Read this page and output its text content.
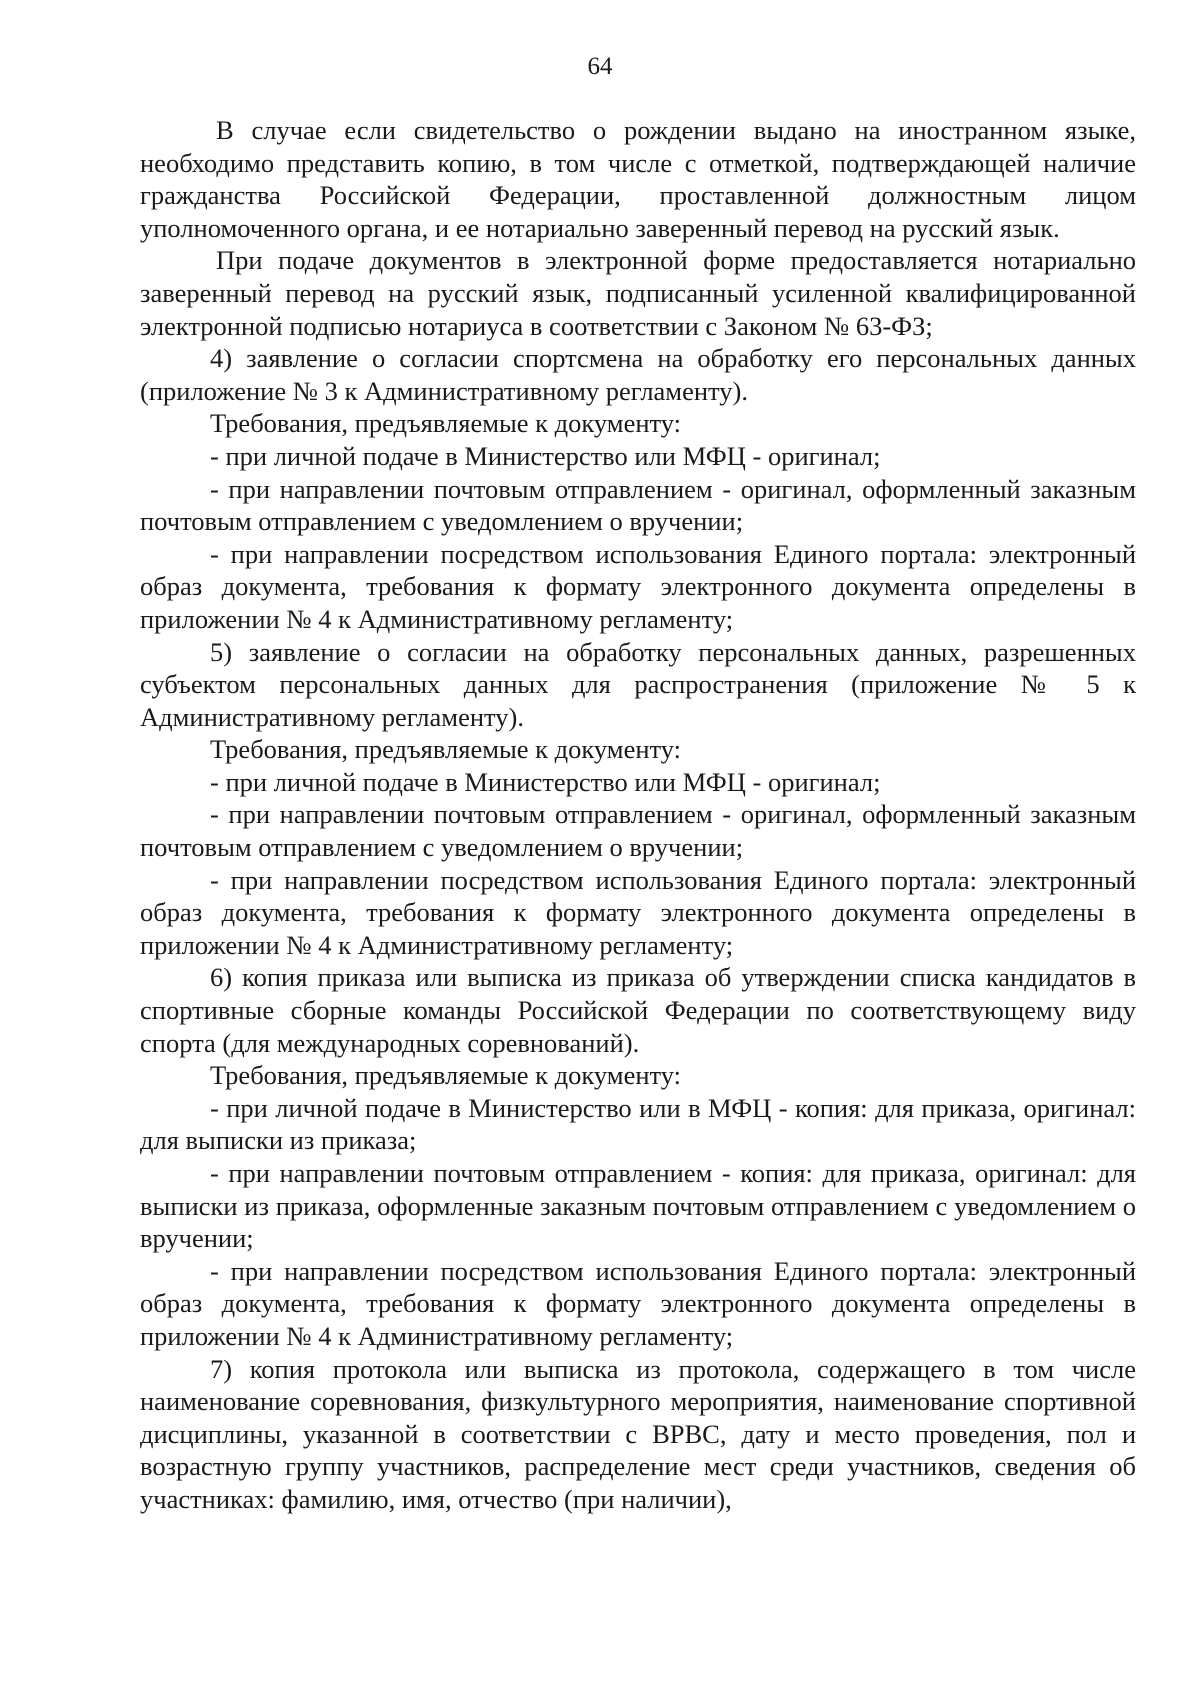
64

В случае если свидетельство о рождении выдано на иностранном языке, необходимо представить копию, в том числе с отметкой, подтверждающей наличие гражданства Российской Федерации, проставленной должностным лицом уполномоченного органа, и ее нотариально заверенный перевод на русский язык.

При подаче документов в электронной форме предоставляется нотариально заверенный перевод на русский язык, подписанный усиленной квалифицированной электронной подписью нотариуса в соответствии с Законом № 63-ФЗ;

4) заявление о согласии спортсмена на обработку его персональных данных (приложение № 3 к Административному регламенту).

Требования, предъявляемые к документу:

- при личной подаче в Министерство или МФЦ - оригинал;

- при направлении почтовым отправлением - оригинал, оформленный заказным почтовым отправлением с уведомлением о вручении;

- при направлении посредством использования Единого портала: электронный образ документа, требования к формату электронного документа определены в приложении № 4 к Административному регламенту;

5) заявление о согласии на обработку персональных данных, разрешенных субъектом персональных данных для распространения (приложение № 5 к Административному регламенту).

Требования, предъявляемые к документу:

- при личной подаче в Министерство или МФЦ - оригинал;

- при направлении почтовым отправлением - оригинал, оформленный заказным почтовым отправлением с уведомлением о вручении;

- при направлении посредством использования Единого портала: электронный образ документа, требования к формату электронного документа определены в приложении № 4 к Административному регламенту;

6) копия приказа или выписка из приказа об утверждении списка кандидатов в спортивные сборные команды Российской Федерации по соответствующему виду спорта (для международных соревнований).

Требования, предъявляемые к документу:

- при личной подаче в Министерство или в МФЦ - копия: для приказа, оригинал: для выписки из приказа;

- при направлении почтовым отправлением - копия: для приказа, оригинал: для выписки из приказа, оформленные заказным почтовым отправлением с уведомлением о вручении;

- при направлении посредством использования Единого портала: электронный образ документа, требования к формату электронного документа определены в приложении № 4 к Административному регламенту;

7) копия протокола или выписка из протокола, содержащего в том числе наименование соревнования, физкультурного мероприятия, наименование спортивной дисциплины, указанной в соответствии с ВРВС, дату и место проведения, пол и возрастную группу участников, распределение мест среди участников, сведения об участниках: фамилию, имя, отчество (при наличии),
